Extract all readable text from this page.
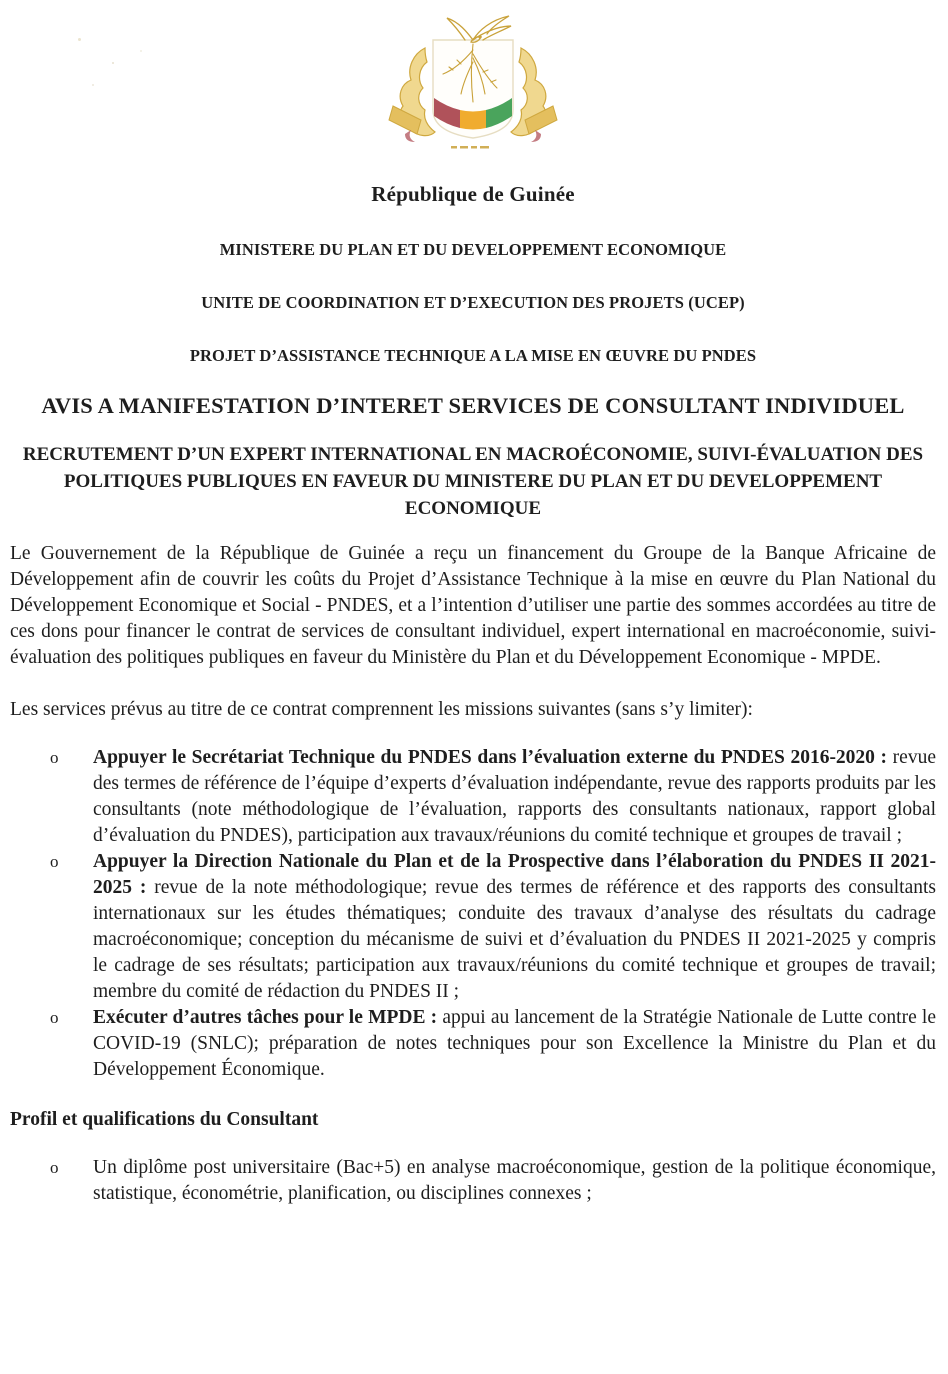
République de Guinée
MINISTERE DU PLAN ET DU DEVELOPPEMENT ECONOMIQUE
UNITE DE COORDINATION ET D’EXECUTION DES PROJETS (UCEP)
PROJET D’ASSISTANCE TECHNIQUE A LA MISE EN ŒUVRE DU PNDES
AVIS A MANIFESTATION D’INTERET SERVICES DE CONSULTANT INDIVIDUEL
RECRUTEMENT D’UN EXPERT INTERNATIONAL EN MACROÉCONOMIE, SUIVI-ÉVALUATION DES POLITIQUES PUBLIQUES EN FAVEUR DU MINISTERE DU PLAN ET DU DEVELOPPEMENT ECONOMIQUE
Le Gouvernement de la République de Guinée a reçu un financement du Groupe de la Banque Africaine de Développement afin de couvrir les coûts du Projet d’Assistance Technique à la mise en œuvre du Plan National du Développement Economique et Social - PNDES, et a l’intention d’utiliser une partie des sommes accordées au titre de ces dons pour financer le contrat de services de consultant individuel, expert international en macroéconomie, suivi-évaluation des politiques publiques en faveur du Ministère du Plan et du Développement Economique - MPDE.
Les services prévus au titre de ce contrat comprennent les missions suivantes (sans s’y limiter):
o Appuyer le Secrétariat Technique du PNDES dans l’évaluation externe du PNDES 2016-2020 : revue des termes de référence de l’équipe d’experts d’évaluation indépendante, revue des rapports produits par les consultants (note méthodologique de l’évaluation, rapports des consultants nationaux, rapport global d’évaluation du PNDES), participation aux travaux/réunions du comité technique et groupes de travail ;
o Appuyer la Direction Nationale du Plan et de la Prospective dans l’élaboration du PNDES II 2021-2025 : revue de la note méthodologique; revue des termes de référence et des rapports des consultants internationaux sur les études thématiques; conduite des travaux d’analyse des résultats du cadrage macroéconomique; conception du mécanisme de suivi et d’évaluation du PNDES II 2021-2025 y compris le cadrage de ses résultats; participation aux travaux/réunions du comité technique et groupes de travail; membre du comité de rédaction du PNDES II ;
o Exécuter d’autres tâches pour le MPDE : appui au lancement de la Stratégie Nationale de Lutte contre le COVID-19 (SNLC); préparation de notes techniques pour son Excellence la Ministre du Plan et du Développement Économique.
Profil et qualifications du Consultant
o Un diplôme post universitaire (Bac+5) en analyse macroéconomique, gestion de la politique économique, statistique, économétrie, planification, ou disciplines connexes ;
